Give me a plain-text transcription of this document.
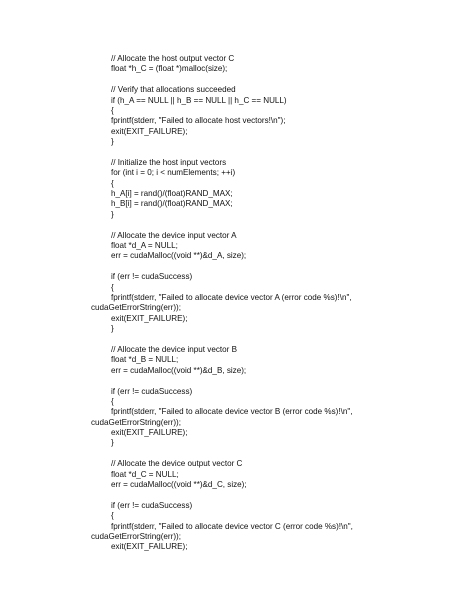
// Allocate the host output vector C
float *h_C = (float *)malloc(size);
// Verify that allocations succeeded
if (h_A == NULL || h_B == NULL || h_C == NULL)
{
fprintf(stderr, "Failed to allocate host vectors!\n");
exit(EXIT_FAILURE);
}
// Initialize the host input vectors
for (int i = 0; i < numElements; ++i)
{
h_A[i] = rand()/(float)RAND_MAX;
h_B[i] = rand()/(float)RAND_MAX;
}
// Allocate the device input vector A
float *d_A = NULL;
err = cudaMalloc((void **)&d_A, size);
if (err != cudaSuccess)
{
fprintf(stderr, "Failed to allocate device vector A (error code %s)!\n",
cudaGetErrorString(err));
exit(EXIT_FAILURE);
}
// Allocate the device input vector B
float *d_B = NULL;
err = cudaMalloc((void **)&d_B, size);
if (err != cudaSuccess)
{
fprintf(stderr, "Failed to allocate device vector B (error code %s)!\n",
cudaGetErrorString(err));
exit(EXIT_FAILURE);
}
// Allocate the device output vector C
float *d_C = NULL;
err = cudaMalloc((void **)&d_C, size);
if (err != cudaSuccess)
{
fprintf(stderr, "Failed to allocate device vector C (error code %s)!\n",
cudaGetErrorString(err));
exit(EXIT_FAILURE);
